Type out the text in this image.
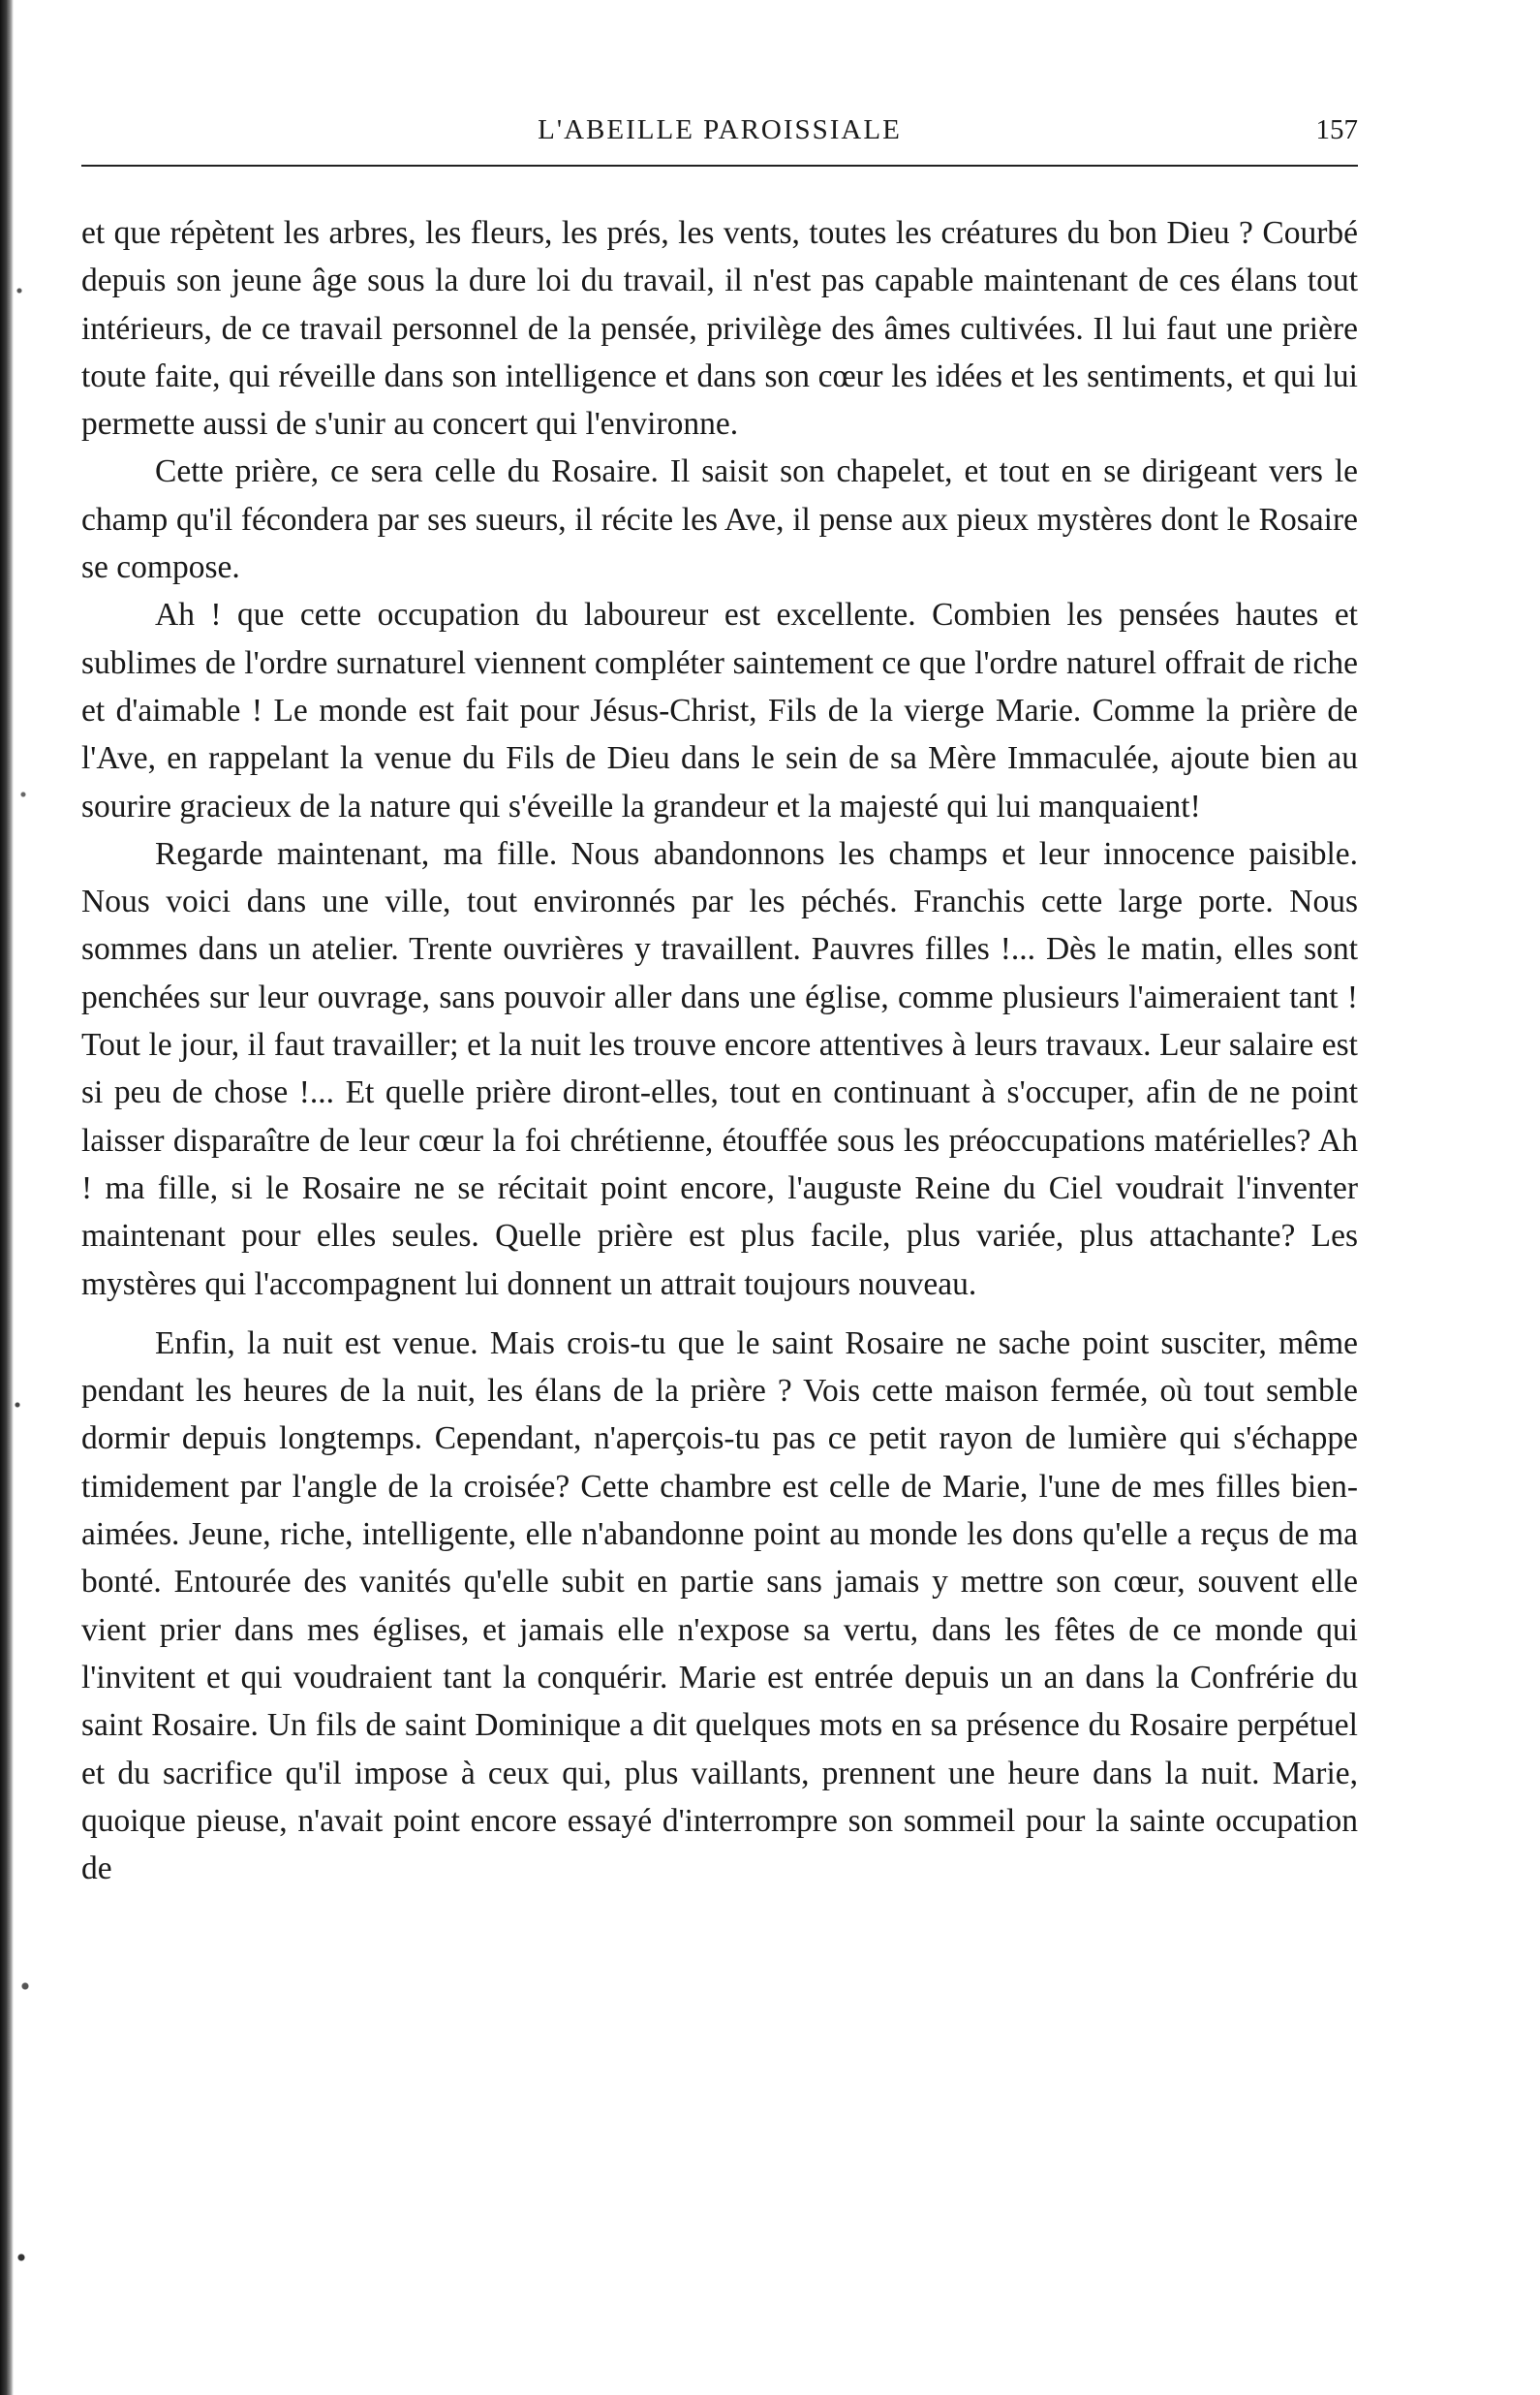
L'ABEILLE PAROISSIALE	157

et que répètent les arbres, les fleurs, les prés, les vents, toutes les créatures du bon Dieu ? Courbé depuis son jeune âge sous la dure loi du travail, il n'est pas capable maintenant de ces élans tout intérieurs, de ce travail personnel de la pensée, privilège des âmes cultivées. Il lui faut une prière toute faite, qui réveille dans son intelligence et dans son cœur les idées et les sentiments, et qui lui permette aussi de s'unir au concert qui l'environne.

Cette prière, ce sera celle du Rosaire. Il saisit son chapelet, et tout en se dirigeant vers le champ qu'il fécondera par ses sueurs, il récite les Ave, il pense aux pieux mystères dont le Rosaire se compose.

Ah ! que cette occupation du laboureur est excellente. Combien les pensées hautes et sublimes de l'ordre surnaturel viennent compléter saintement ce que l'ordre naturel offrait de riche et d'aimable ! Le monde est fait pour Jésus-Christ, Fils de la vierge Marie. Comme la prière de l'Ave, en rappelant la venue du Fils de Dieu dans le sein de sa Mère Immaculée, ajoute bien au sourire gracieux de la nature qui s'éveille la grandeur et la majesté qui lui manquaient!

Regarde maintenant, ma fille. Nous abandonnons les champs et leur innocence paisible. Nous voici dans une ville, tout environnés par les péchés. Franchis cette large porte. Nous sommes dans un atelier. Trente ouvrières y travaillent. Pauvres filles !... Dès le matin, elles sont penchées sur leur ouvrage, sans pouvoir aller dans une église, comme plusieurs l'aimeraient tant ! Tout le jour, il faut travailler; et la nuit les trouve encore attentives à leurs travaux. Leur salaire est si peu de chose !... Et quelle prière diront-elles, tout en continuant à s'occuper, afin de ne point laisser disparaître de leur cœur la foi chrétienne, étouffée sous les préoccupations matérielles? Ah ! ma fille, si le Rosaire ne se récitait point encore, l'auguste Reine du Ciel voudrait l'inventer maintenant pour elles seules. Quelle prière est plus facile, plus variée, plus attachante? Les mystères qui l'accompagnent lui donnent un attrait toujours nouveau.

Enfin, la nuit est venue. Mais crois-tu que le saint Rosaire ne sache point susciter, même pendant les heures de la nuit, les élans de la prière ? Vois cette maison fermée, où tout semble dormir depuis longtemps. Cependant, n'aperçois-tu pas ce petit rayon de lumière qui s'échappe timidement par l'angle de la croisée? Cette chambre est celle de Marie, l'une de mes filles bien-aimées. Jeune, riche, intelligente, elle n'abandonne point au monde les dons qu'elle a reçus de ma bonté. Entourée des vanités qu'elle subit en partie sans jamais y mettre son cœur, souvent elle vient prier dans mes églises, et jamais elle n'expose sa vertu, dans les fêtes de ce monde qui l'invitent et qui voudraient tant la conquérir. Marie est entrée depuis un an dans la Confrérie du saint Rosaire. Un fils de saint Dominique a dit quelques mots en sa présence du Rosaire perpétuel et du sacrifice qu'il impose à ceux qui, plus vaillants, prennent une heure dans la nuit. Marie, quoique pieuse, n'avait point encore essayé d'interrompre son sommeil pour la sainte occupation de
